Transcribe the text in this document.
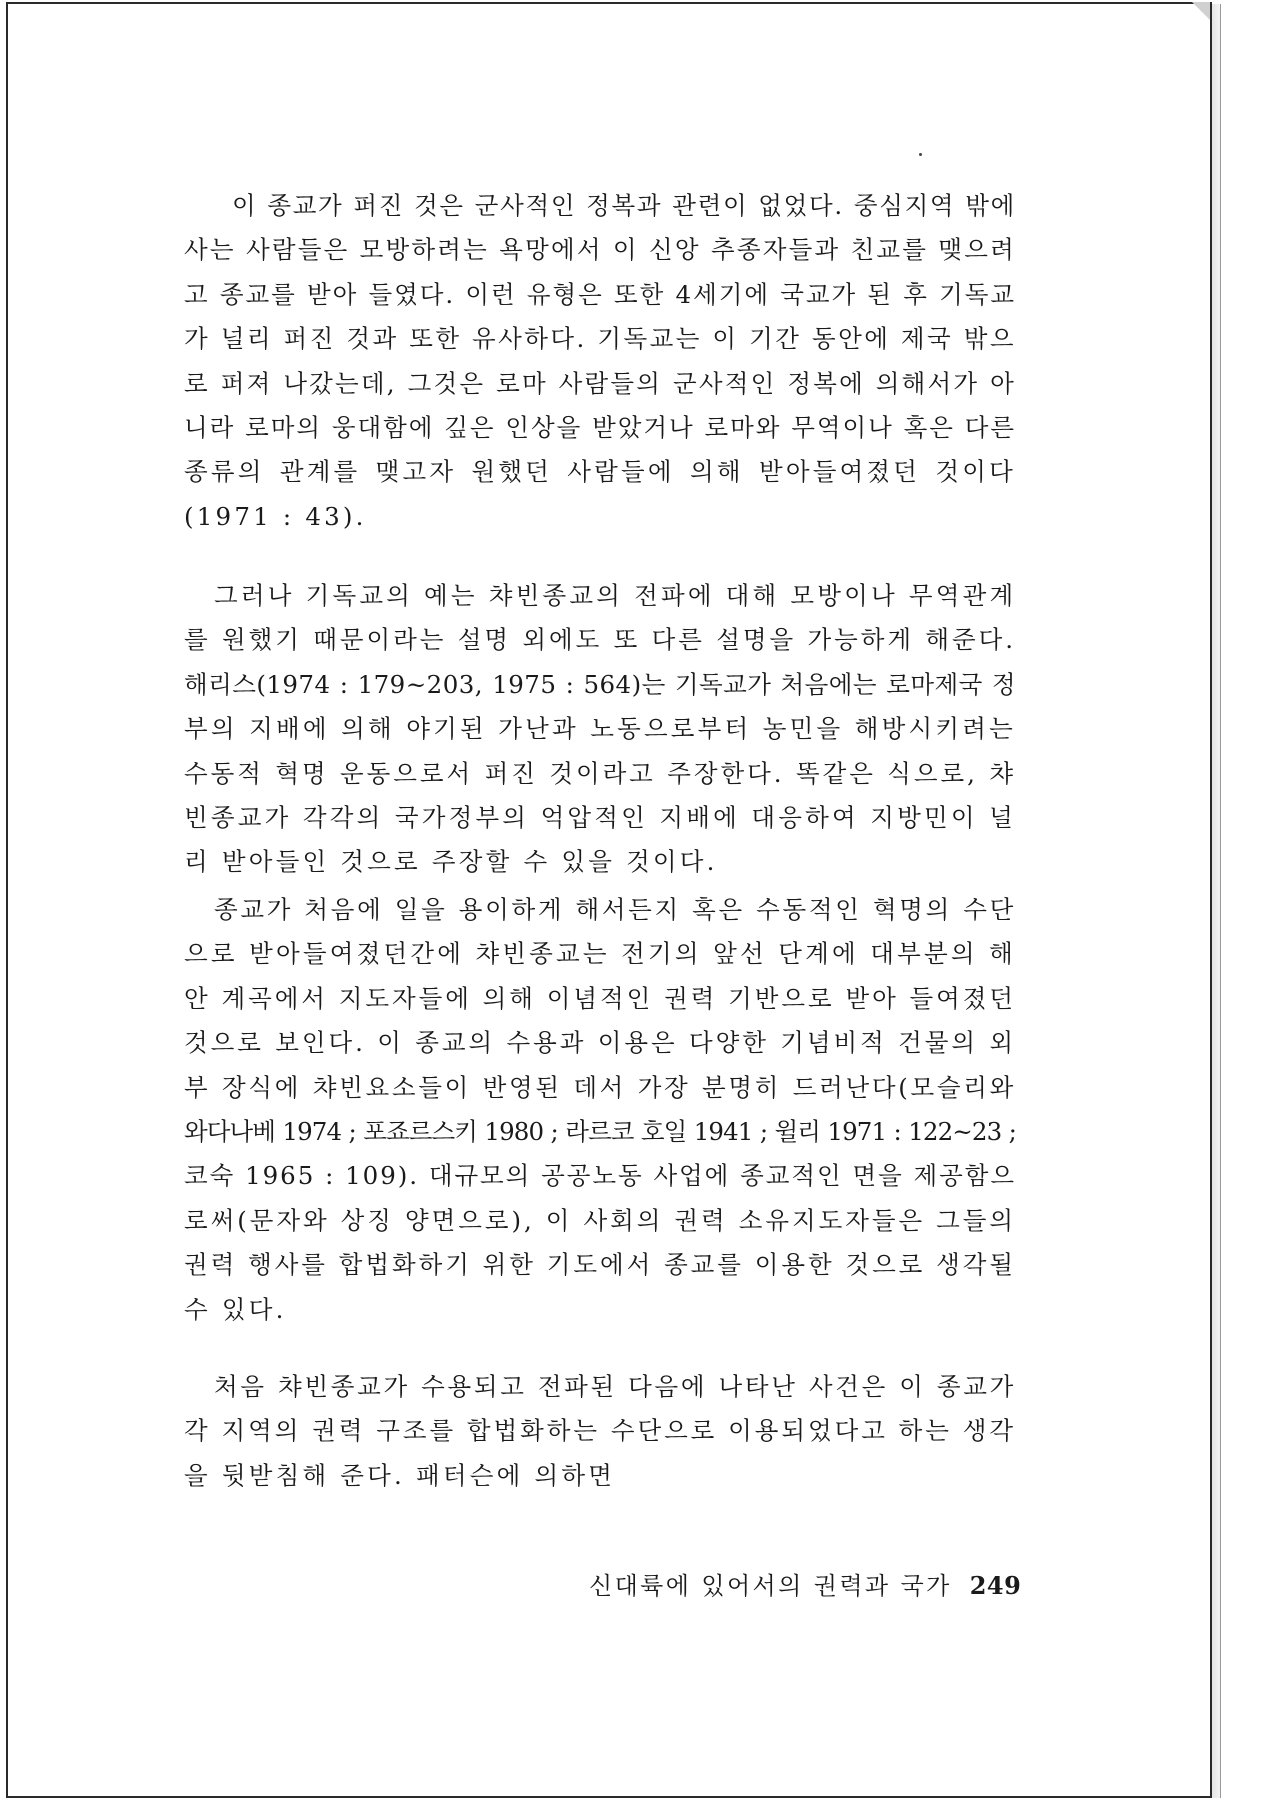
이 종교가 퍼진 것은 군사적인 정복과 관련이 없었다. 중심지역 밖에
사는 사람들은 모방하려는 욕망에서 이 신앙 추종자들과 친교를 맺으려
고 종교를 받아 들였다. 이런 유형은 또한 4세기에 국교가 된 후 기독교
가 널리 퍼진 것과 또한 유사하다. 기독교는 이 기간 동안에 제국 밖으
로 퍼져 나갔는데, 그것은 로마 사람들의 군사적인 정복에 의해서가 아
니라 로마의 웅대함에 깊은 인상을 받았거나 로마와 무역이나 혹은 다른
종류의 관계를 맺고자 원했던 사람들에 의해 받아들여졌던 것이다
(1971 : 43).
그러나 기독교의 예는 챠빈종교의 전파에 대해 모방이나 무역관계
를 원했기 때문이라는 설명 외에도 또 다른 설명을 가능하게 해준다.
해리스(1974 : 179~203, 1975 : 564)는 기독교가 처음에는 로마제국 정
부의 지배에 의해 야기된 가난과 노동으로부터 농민을 해방시키려는
수동적 혁명 운동으로서 퍼진 것이라고 주장한다. 똑같은 식으로, 챠
빈종교가 각각의 국가정부의 억압적인 지배에 대응하여 지방민이 널
리 받아들인 것으로 주장할 수 있을 것이다.
종교가 처음에 일을 용이하게 해서든지 혹은 수동적인 혁명의 수단
으로 받아들여졌던간에 챠빈종교는 전기의 앞선 단계에 대부분의 해
안 계곡에서 지도자들에 의해 이념적인 권력 기반으로 받아 들여졌던
것으로 보인다. 이 종교의 수용과 이용은 다양한 기념비적 건물의 외
부 장식에 챠빈요소들이 반영된 데서 가장 분명히 드러난다(모슬리와
와다나베 1974 ; 포죠르스키 1980 ; 라르코 호일 1941 ; 윌리 1971 : 122~23 ;
코숙 1965 : 109). 대규모의 공공노동 사업에 종교적인 면을 제공함으
로써(문자와 상징 양면으로), 이 사회의 권력 소유지도자들은 그들의
권력 행사를 합법화하기 위한 기도에서 종교를 이용한 것으로 생각될
수 있다.
처음 챠빈종교가 수용되고 전파된 다음에 나타난 사건은 이 종교가
각 지역의 권력 구조를 합법화하는 수단으로 이용되었다고 하는 생각
을 뒷받침해 준다. 패터슨에 의하면
신대륙에 있어서의 권력과 국가 249
